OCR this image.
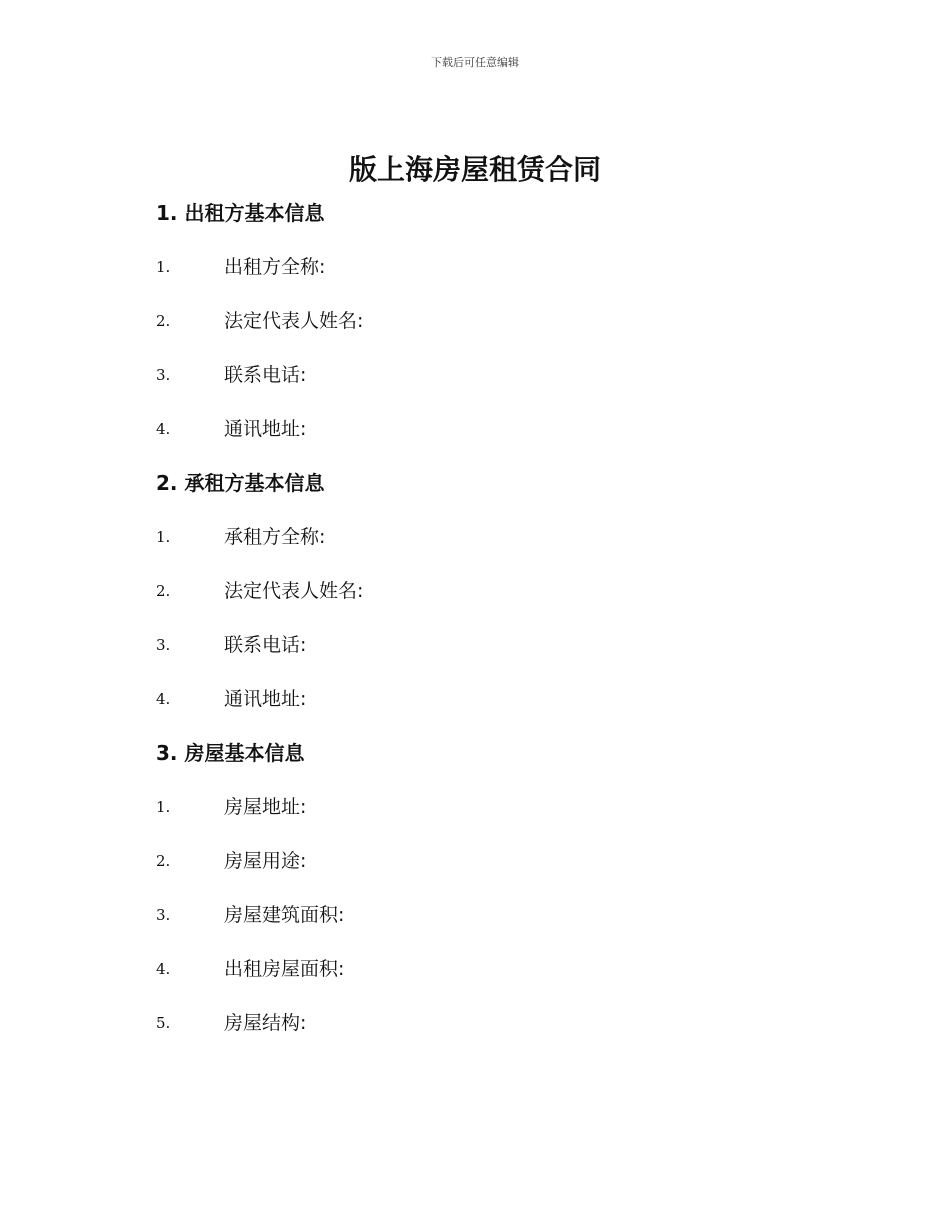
下载后可任意编辑
版上海房屋租赁合同
1. 出租方基本信息
1.	出租方全称:
2.	法定代表人姓名:
3.	联系电话:
4.	通讯地址:
2. 承租方基本信息
1.	承租方全称:
2.	法定代表人姓名:
3.	联系电话:
4.	通讯地址:
3. 房屋基本信息
1.	房屋地址:
2.	房屋用途:
3.	房屋建筑面积:
4.	出租房屋面积:
5.	房屋结构:
